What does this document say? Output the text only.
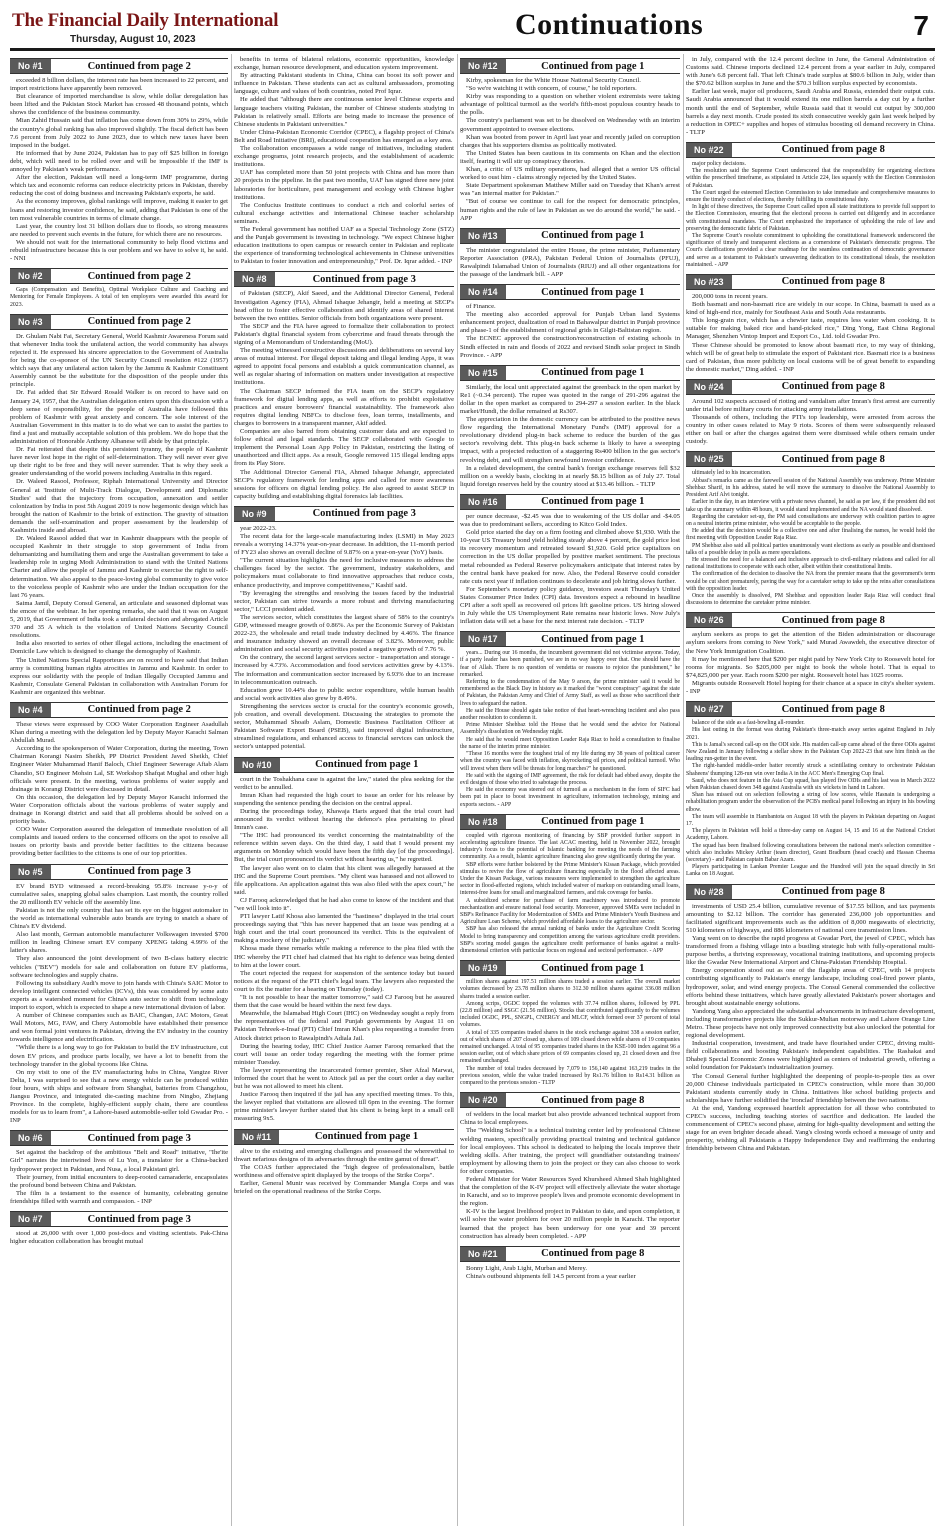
The Financial Daily International
Thursday, August 10, 2023	Continuations	7
No #1	Continued from page 2

exceeded 8 billion dollars, the interest rate has been increased to 22 percent, and import restrictions have apparently been removed.

But clearance of imported merchandise is slow, while dollar deregulation has been lifted and the Pakistan Stock Market has crossed 48 thousand points, which shows the confidence of the business community.

Mian Zahid Hussain said that inflation has come down from 30% to 29%, while the country's global ranking has also improved slightly. The fiscal deficit has been 7.6 percent from July 2022 to June 2023, due to which new taxes have been imposed in the budget.

He informed that by June 2024, Pakistan has to pay off $25 billion in foreign debt, which will need to be rolled over and will be impossible if the IMF is annoyed by Pakistan's weak performance.

After the election, Pakistan will need a long-term IMF programme, during which tax and economic reforms can reduce electricity prices in Pakistan, thereby reducing the cost of doing business and increasing Pakistan's exports, he said.

As the economy improves, global rankings will improve, making it easier to get loans and restoring investor confidence, he said, adding that Pakistan is one of the ten most vulnerable countries in terms of climate change.

Last year, the country lost 31 billion dollars due to floods, so strong measures are needed to prevent such events in the future, for which there are no resources.

We should not wait for the international community to help flood victims and rebuild infrastructure because this is our problem and we have to solve it, he said. - NNI

No #2	Continued from page 2

Gaps (Compensation and Benefits), Optimal Workplace Culture and Coaching and Mentoring for Female Employees. A total of ten employers were awarded this award for 2023.

No #3	Continued from page 2

Dr. Ghulam Nabi Fai, Secretary General, World Kashmir Awareness Forum said that whenever India took the unilateral action, the world community has always rejected it. He expressed his sincere appreciation to the Government of Australia for being the co-sponsor of the UN Security Council resolution #122 (1957) which says that any unilateral action taken by the Jammu & Kashmir Constituent Assembly cannot be the substitute for the disposition of the people under this principle.

Dr. Fai added that Sir Edward Rosald Walker is on record to have said on January 24, 1957, that the Australian delegation enters upon this discussion with a deep sense of responsibility, for the people of Australia have followed this problem of Kashmir with great anxiety and concern. The sole interest of the Australian Government in this matter is to do what we can to assist the parties to find a just and mutually acceptable solution of this problem. We do hope that the administration of Honorable Anthony Albanese will abide by that principle.

Dr. Fai reiterated that despite this persistent tyranny, the people of Kashmir have never lost hope in the right of self-determination. They will never ever give up their right to be free and they will never surrender. That is why they seek a greater understanding of the world powers including Australia in this regard.

Dr. Waleed Rasool, Professor, Riphah International University and Director General at 'Institute of Multi-Track Dialogue, Development and Diplomatic Studies' said that the trajectory from occupation, annexation and settler colonization by India in post 5th August 2019 is now hegemonic design which has brought the nation of Kashmir to the brink of extinction. The gravity of situation demands the self-examination and proper assessment by the leadership of Kashmiris inside and abroad.

Dr. Waleed Rasool added that war in Kashmir disappears with the people of occupied Kashmir in their struggle to stop government of India from dehumanizing and humiliating them and urge the Australian government to take a leadership role in urging Modi Administration to stand with the United Nations Charter and allow the people of Jammu and Kashmir to exercise the right to self-determination. We also appeal to the peace-loving global community to give voice to the voiceless people of Kashmir who are under the Indian occupation for the last 76 years.

Saima Jamil, Deputy Consul General, an articulate and seasoned diplomat was the emcee of the webinar. In her opening remarks, she said that it was on August 5, 2019, that Government of India took a unilateral decision and abrogated Article 370 and 35 A which is the violation of United Nations Security Council resolutions.

India also resorted to series of other illegal actions, including the enactment of Domicile Law which is designed to change the demography of Kashmir.

The United Nations Special Rapporteurs are on record to have said that Indian army is committing human rights atrocities in Jammu and Kashmir. In order to express our solidarity with the people of Indian Illegally Occupied Jammu and Kashmir, Consulate General Pakistan in collaboration with Australian Forum for Kashmir are organized this webinar.

No #4	Continued from page 2

These views were expressed by COO Water Corporation Engineer Asadullah Khan during a meeting with the delegation led by Deputy Mayor Karachi Salman Abdullah Murad.

According to the spokesperson of Water Corporation, during the meeting, Town Chairman Korangi Nasim Sheikh, PP District President Javed Sheikh, Chief Engineer Water Muhammad Hanif Baloch, Chief Engineer Sewerage Aftab Alam Chandio, SO Engineer Mohsin Lal, SE Workshop Shafqat Mughal and other high officials were present. In the meeting, various problems of water supply and drainage in Korangi District were discussed in detail.

On this occasion, the delegation led by Deputy Mayor Karachi informed the Water Corporation officials about the various problems of water supply and drainage in Korangi district and said that all problems should be solved on a priority basis.

COO Water Corporation assured the delegation of immediate resolution of all complaints and issued orders to the concerned officers on the spot to resolve all issues on priority basis and provide better facilities to the citizens because providing better facilities to the citizens is one of our top priorities.

No #5	Continued from page 3

EV brand BYD witnessed a record-breaking 95.8% increase y-o-y of cumulative sales, snapping global sales champion. Last month, the country rolled the 20 millionth EV vehicle off the assembly line.

Pakistan is not the only country that has set its eye on the biggest automaker in the world as international vulnerable auto brands are trying to snatch a share of China's EV dividend.

Also last month, German automobile manufacturer Volkswagen invested $700 million in leading Chinese smart EV company XPENG taking 4.99% of the latter's shares.

They also announced the joint development of two B-class battery electric vehicles ("BEV") models for sale and collaboration on future EV platforms, software technologies and supply chains.

Following its subsidiary Audi's move to join hands with China's SAIC Motor to develop intelligent connected vehicles (ICVs), this was considered by some auto experts as a watershed moment for China's auto sector to shift from technology import to export, which is expected to shape a new international division of labor.

A number of Chinese companies such as BAIC, Changan, JAC Motors, Great Wall Motors, MG, FAW, and Chery Automobile have established their presence and won formal joint ventures in Pakistan, driving the EV industry in the country towards intelligence and electrification.

"While there is a long way to go for Pakistan to build the EV infrastructure, cut down EV prices, and produce parts locally, we have a lot to benefit from the technology transfer in the global tycoons like China.

On my visit to one of the EV manufacturing hubs in China, Yangtze River Delta, I was surprised to see that a new energy vehicle can be produced within four hours, with ships and software from Shanghai, batteries from Changzhou, Jiangsu Province, and integrated die-casting machine from Ningbo, Zhejiang Province. In the complete, highly-efficient supply chain, there are countless models for us to learn from", a Lahore-based automobile-seller told Gwadar Pro. - INP

No #6	Continued from page 3

Set against the backdrop of the ambitious "Belt and Road" initiative, "Ihe'ite Girl" narrates the intertwined lives of Lu Yon, a translator for a China-backed hydropower project in Pakistan, and Nusa, a local Pakistani girl.

Their journey, from initial encounters to deep-rooted camaraderie, encapsulates the profound bond between China and Pakistan.

The film is a testament to the essence of humanity, celebrating genuine friendships filled with warmth and compassion. - INP

No #7	Continued from page 3

stood at 26,000 with over 1,000 post-docs and visiting scientists. Pak-China higher education collaboration has brought mutual

benefits in terms of bilateral relations, economic opportunities, knowledge exchange, human resource development, and education system improvement.

By attracting Pakistani students in China, China can boost its soft power and influence in Pakistan. These students can act as cultural ambassadors, promoting language, culture and values of both countries, noted Prof Iqrar.

He added that "although there are continuous senior level Chinese experts and language teachers visiting Pakistan, the number of Chinese students studying in Pakistan is relatively small. Efforts are being made to increase the presence of Chinese students in Pakistani universities."

Under China-Pakistan Economic Corridor (CPEC), a flagship project of China's Belt and Road Initiative (BRI), educational cooperation has emerged as a key area.

The collaboration encompasses a wide range of initiatives, including student exchange programs, joint research projects, and the establishment of academic institutions.

UAF has completed more than 50 joint projects with China and has more than 20 projects in the pipeline. In the past two months, UAF has signed three new joint laboratories for horticulture, pest management and ecology with Chinese higher institutions.

The Confucius Institute continues to conduct a rich and colorful series of cultural exchange activities and international Chinese teacher scholarship seminars.

The Federal government has notified UAF as a Special Technology Zone (STZ) and the Punjab government is investing in technology. "We expect Chinese higher education institutions to open campus or research center in Pakistan and replicate the experience of transforming technological achievements in Chinese universities to Pakistan to foster innovation and entrepreneurship," Prof. Dr. Iqrar added. - INP

No #8	Continued from page 3

of Pakistan (SECP), Akif Saeed, and the Additional Director General, Federal Investigation Agency (FIA), Ahmad Ishaque Jehangir, held a meeting at SECP's head office to foster effective collaboration and identify areas of shared interest between the two entities. Senior officials from both organizations were present.

The SECP and the FIA have agreed to formalize their collaboration to protect Pakistan's digital financial system from cybercrime and fraud threats through the signing of a Memorandum of Understanding (MoU).

The meeting witnessed constructive discussions and deliberations on several key areas of mutual interest. For illegal deposit taking and illegal lending Apps, it was agreed to appoint focal persons and establish a quick communication channel, as well as regular sharing of information on matters under investigation at respective institutions.

The Chairman SECP informed the FIA team on the SECP's regulatory framework for digital lending apps, as well as efforts to prohibit exploitative practices and ensure borrowers' financial sustainability. The framework also requires digital lending NBFCs to disclose fees, loan terms, installments, and charges to borrowers in a transparent manner, Akif added.

Companies are also barred from obtaining customer data and are expected to follow ethical and legal standards. The SECP collaborated with Google to implement the Personal Loan App Policy in Pakistan, restricting the listing of unauthorized and illicit apps. As a result, Google removed 115 illegal lending apps from its Play Store.

The Additional Director General FIA, Ahmed Ishaque Jehangir, appreciated SECP's regulatory framework for lending apps and called for more awareness sessions for officers on digital lending policy. He also agreed to assist SECP in capacity building and establishing digital forensics lab facilities.

No #9	Continued from page 3

year 2022-23.

The recent data for the large-scale manufacturing index (LSMI) in May 2023 reveals a worrying 14.37% year-on-year decrease. In addition, the 11-month period of FY23 also shows an overall decline of 9.87% on a year-on-year (YoY) basis.

"The current situation highlights the need for inclusive measures to address the challenges faced by the sector. The government, industry stakeholders, and policymakers must collaborate to find innovative approaches that reduce costs, enhance productivity, and improve competitiveness," Kashif said.

"By leveraging the strengths and resolving the issues faced by the industrial sector, Pakistan can strive towards a more robust and thriving manufacturing sector," LCCI president added.

The services sector, which constitutes the largest share of 58% to the country's GDP, witnessed meagre growth of 0.86%. As per the Economic Survey of Pakistan 2022-23, the wholesale and retail trade industry declined by 4.46%. The finance and insurance industry showed an overall decrease of 3.82%. Moreover, public administration and social security activities posted a negative growth of 7.76 %.

On the contrary, the second largest services sector - transportation and storage - increased by 4.73%. Accommodation and food services activities grew by 4.13%. The information and communication sector increased by 6.93% due to an increase in telecommunication outreach.

Education grew 10.44% due to public sector expenditure, while human health and social work activities also grew by 8.49%.

Strengthening the services sector is crucial for the country's economic growth, job creation, and overall development. Discussing the strategies to promote the sector, Muhammad Shoaib Aslam, Domestic Business Facilitation Officer at Pakistan Software Export Board (PSEB), said improved digital infrastructure, streamlined regulations, and enhanced access to financial services can unlock the sector's untapped potential.

No #10	Continued from page 1

court in the Toshakhana case is against the law," stated the plea seeking for the verdict to be annulled.

Imran Khan had requested the high court to issue an order for his release by suspending the sentence pending the decision on the central appeal.

During the proceedings today, Khawaja Haris argued that the trial court had announced its verdict without hearing the defence's plea pertaining to plead Imran's case.

"The IHC had pronounced its verdict concerning the maintainability of the reference within seven days. On the third day, I said that I would present my arguments on Monday which would have been the fifth day [of the proceedings]. But, the trial court pronounced its verdict without hearing us," he regretted.

The lawyer also went on to claim that his client was allegedly harassed at the IHC and the Supreme Court premises. "My client was harassed and not allowed to file applications. An application against this was also filed with the apex court," he said.

CJ Farooq acknowledged that he had also come to know of the incident and that "we will look into it".

PTI lawyer Latif Khosa also lamented the "hastiness" displayed in the trial court proceedings saying that "this has never happened that an issue was pending at a high court and the trial court pronounced its verdict. This is the equivalent of making a mockery of the judiciary."

Khosa made these remarks while making a reference to the plea filed with the IHC whereby the PTI chief had claimed that his right to defence was being denied to him at the lower court.

The court rejected the request for suspension of the sentence today but issued notices at the request of the PTI chief's legal team. The lawyers also requested the court to fix the matter for a hearing on Thursday (today).

"It is not possible to hear the matter tomorrow," said CJ Farooq but he assured them that the case would be heard within the next few days.

Meanwhile, the Islamabad High Court (IHC) on Wednesday sought a reply from the representatives of the federal and Punjab governments by August 11 on Pakistan Tehreek-e-Insaf (PTI) Chief Imran Khan's plea requesting a transfer from Attock district prison to Rawalpindi's Adiala Jail.

During the hearing today, IHC Chief Justice Aamer Farooq remarked that the court will issue an order today regarding the meeting with the former prime minister Tuesday.

The lawyer representing the incarcerated former premier, Sher Afzal Marwat, informed the court that he went to Attock jail as per the court order a day earlier but he was not allowed to meet his client.

Justice Farooq then inquired if the jail has any specified meeting times. To this, the lawyer replied that visitations are allowed till 6pm in the evening. The former prime minister's lawyer further stated that his client is being kept in a small cell measuring 9x5.

No #11	Continued from page 1

alive to the existing and emerging challenges and possessed the wherewithal to thwart nefarious designs of its adversaries through the entire gamut of threat".

The COAS further appreciated the "high degree of professionalism, battle worthiness and offensive spirit displayed by the troops of the Strike Corps".

Earlier, General Munir was received by Commander Mangla Corps and was briefed on the operational readiness of the Strike Corps.

No #12	Continued from page 1

Kirby, spokesman for the White House National Security Council.

"So we're watching it with concern, of course," he told reporters.

Kirby was responding to a question on whether violent extremists were taking advantage of political turmoil as the world's fifth-most populous country heads to the polls.

The country's parliament was set to be dissolved on Wednesday with an interim government appointed to oversee elections.

Khan was booted from power in April last year and recently jailed on corruption charges that his supporters dismiss as politically motivated.

The United States has been cautious in its comments on Khan and the election itself, fearing it will stir up conspiracy theories.

Khan, a critic of US military operations, had alleged that a senior US official worked to oust him - claims strongly rejected by the United States.

State Department spokesman Matthew Miller said on Tuesday that Khan's arrest was "an internal matter for Pakistan."

"But of course we continue to call for the respect for democratic principles, human rights and the rule of law in Pakistan as we do around the world," he said. - APP

No #13	Continued from page 1

The minister congratulated the entire House, the prime minister, Parliamentary Reporter Association (PRA), Pakistan Federal Union of Journalists (PFUJ), Rawalpindi Islamabad Union of Journalists (RIUJ) and all other organizations for the passage of the landmark bill. - APP

No #14	Continued from page 1

of Finance.

The meeting also accorded approval for Punjab Urban land Systems enhancement project, dualization of road in Bahawalpur district in Punjab province and phase-1 of the establishment of regional grids in Gilgit-Baltistan region.

The ECNEC approved the construction/reconstruction of existing schools in Sindh effected in rain and floods of 2022 and revised Sindh solar project in Sindh Province. - APP

No #15	Continued from page 1

Similarly, the local unit appreciated against the greenback in the open market by Re1 (~0.34 percent). The rupee was quoted in the range of 291-296 against the dollar in the open market as compared to 294-297 a session earlier. In the black market/Hundi, the dollar remained at Rs307.

The appreciation in the domestic currency can be attributed to the positive news flow regarding the International Monetary Fund's (IMF) approval for a revolutionary dividend plug-in back scheme to reduce the burden of the gas sector's revolving debt. This plug-in back scheme is likely to have a sweeping impact, with a projected reduction of a staggering Rs400 billion in the gas sector's revolving debt, and will strengthen newfound investor confidence.

In a related development, the central bank's foreign exchange reserves fell $32 million on a weekly basis, clocking in at nearly $8.15 billion as of July 27. Total liquid foreign reserves held by the country stood at $13.46 billion. - TLTP

No #16	Continued from page 1

per ounce decrease, -$2.45 was due to weakening of the US dollar and -$4.05 was due to predominant sellers, according to Kitco Gold Index.

Gold price started the day on a firm footing and climbed above $1,930. With the 10-year US Treasury bond yield holding steady above 4 percent, the gold price lost its recovery momentum and retreated toward $1,920. Gold price capitalizes on correction in the US dollar propelled by positive market sentiment. The precious metal rebounded as Federal Reserve policymakers anticipate that interest rates by the central bank have peaked for now. Also, the Federal Reserve could consider rate cuts next year if inflation continues to decelerate and job hiring slows further.

For September's monetary policy guidance, investors await Thursday's United States Consumer Price Index (CPI) data. Investors expect a rebound in headline CPI after a soft spell as recovered oil prices lift gasoline prices. US hiring slowed in July while the US Unemployment Rate remains near historic lows. Now July's inflation data will set a base for the next interest rate decision. - TLTP

No #17	Continued from page 1

years... During our 16 months, the incumbent government did not victimise anyone. Today, if a party leader has been punished, we are in no way happy over that. One should have the fear of Allah. There is no question of vendetta or reasons to rejoice the punishment," he remarked.

Referring to the condemnation of the May 9 arson, the prime minister said it would be remembered as the Black Day in history as it marked the "worst conspiracy" against the state of Pakistan, the Pakistan Army and Chief of Army Staff, as well as those who sacrificed their lives to safeguard the nation.

He said the House should again take notice of that heart-wrenching incident and also pass another resolution to condemn it.

Prime Minister Shehbaz told the House that he would send the advice for National Assembly's dissolution on Wednesday night.

He said that he would meet Opposition Leader Raja Riaz to hold a consultation to finalise the name of the interim prime minister.

"These 16 months were the toughest trial of my life during my 38 years of political career when the country was faced with inflation, skyrocketing oil prices, and political turmoil. Who will invest when there will be threats for long marches?" he questioned.

He said with the signing of IMF agreement, the risk for default had ebbed away, despite the evil designs of those who tried to sabotage the process.

He said the economy was steered out of turmoil as a mechanism in the form of SIFC had been put in place to boost investment in agriculture, information technology, mining and exports sectors. - APP

No #18	Continued from page 1

coupled with rigorous monitoring of financing by SBP provided further support in accelerating agriculture finance. The last ACAC meeting, held in November 2022, brought industry's focus to the potential of Islamic banking for meeting the needs of the farming community. As a result, Islamic agriculture financing also grew significantly during the year.

SBP efforts were further bolstered by the Prime Minister's Kissan Package, which provided stimulus to revive the flow of agriculture financing especially in the flood affected areas. Under the Kissan Package, various measures were implemented to strengthen the agriculture sector in flood-affected regions, which included waiver of markup on outstanding small loans, interest-free loans for small and marginalized farmers, and risk coverage for banks.

A subsidized scheme for purchase of farm machinery was introduced to promote mechanization and ensure national food security. Moreover, approved SMEs were included in SBP's Refinance Facility for Modernization of SMEs and Prime Minister's Youth Business and Agriculture Loan Scheme, which provided affordable loans to the agriculture sector.

SBP has also released the annual ranking of banks under the Agriculture Credit Scoring Model to bring transparency and competition among the various agriculture credit providers. SBP's scoring model gauges the agriculture credit performance of banks against a multi-dimensional criterion with particular focus on regional and sectoral performance. - APP

No #19	Continued from page 1

million shares against 197.51 million shares traded a session earlier. The overall market volumes decreased by 23.78 million shares to 312.30 million shares against 336.08 million shares traded a session earlier.

Among scrips, OGDC topped the volumes with 37.74 million shares, followed by PPL (22.8 million) and SSGC (21.56 million). Stocks that contributed significantly to the volumes included OGDC, PPL, SNGPL, CNERGY and MLCF, which formed over 37 percent of total volumes.

A total of 335 companies traded shares in the stock exchange against 338 a session earlier, out of which shares of 207 closed up, shares of 109 closed down while shares of 19 companies remained unchanged. A total of 95 companies traded shares in the KSE-100 index against 96 a session earlier, out of which share prices of 69 companies closed up, 21 closed down and five remained unchanged.

The number of total trades decreased by 7,079 to 156,140 against 163,219 trades in the previous session, while the value traded increased by Rs1.76 billion to Rs14.31 billion as compared to the previous session - TLTP

No #20	Continued from page 8

of welders in the local market but also provide advanced technical support from China to local employees.

The "Welding School" is a technical training center led by professional Chinese welding masters, specifically providing practical training and technical guidance for local employees. This school is dedicated to helping the locals improve their welding skills. After training, the project will grandfather outstanding trainees' employment by allowing them to join the project or they can also choose to work for other companies.

Federal Minister for Water Resources Syed Khursheed Ahmed Shah highlighted that the completion of the K-IV project will effectively alleviate the water shortage in Karachi, and so to improve people's lives and promote economic development in the region.

K-IV is the largest livelihood project in Pakistan to date, and upon completion, it will solve the water problem for over 20 million people in Karachi. The reporter learned that the project has been underway for one year and 39 percent construction has already been completed. - APP

No #21	Continued from page 8

Bonny Light, Arab Light, Murban and Merey.

China's outbound shipments fell 14.5 percent from a year earlier

in July, compared with the 12.4 percent decline in June, the General Administration of Customs said. Chinese imports declined 12.4 percent from a year earlier in July, compared with June's 6.8 percent fall. That left China's trade surplus at $80.6 billion in July, wider than the $70.62 billion surplus in June and the $70.3 billion surplus expected by economists.

Earlier last week, major oil producers, Saudi Arabia and Russia, extended their output cuts. Saudi Arabia announced that it would extend its one million barrels a day cut by a further month until the end of September, while Russia said that it would cut output by 300,000 barrels a day next month. Crude posted its sixth consecutive weekly gain last week helped by a reduction in OPEC+ supplies and hopes of stimulus boosting oil demand recovery in China. - TLTP

No #22	Continued from page 8

major policy decisions.

The resolution said the Supreme Court underscored that the responsibility for organizing elections within the prescribed timeframe, as stipulated in Article 224, lies squarely with the Election Commission of Pakistan.

The Court urged the esteemed Election Commission to take immediate and comprehensive measures to ensure the timely conduct of elections, thereby fulfilling its constitutional duty.

In light of these directives, the Supreme Court called upon all state institutions to provide full support to the Election Commission, ensuring that the electoral process is carried out diligently and in accordance with constitutional mandates. The Court emphasized the importance of upholding the rule of law and preserving the democratic fabric of Pakistan.

The Supreme Court's resolute commitment to upholding the constitutional framework underscored the significance of timely and transparent elections as a cornerstone of Pakistan's democratic progress. The Court's clarifications provided a clear roadmap for the seamless continuation of democratic governance and serve as a testament to Pakistan's unwavering dedication to its constitutional ideals, the resolution maintained. - APP

No #23	Continued from page 8

200,000 tons in recent years.

Both basmati and non-basmati rice are widely in our scope. In China, basmati is used as a kind of high-end rice, mainly for Southeast Asia and South Asia restaurants.

This long-grain rice, which has a chewier taste, requires less water when cooking. It is suitable for making baked rice and hand-picked rice," Ding Yong, East China Regional Manager, Shenzhen Vintop Import and Export Co., Ltd. told Gwadar Pro.

These Chinese should be promoted to know about basmati rice, to my way of thinking, which will be of great help to stimulate the export of Pakistani rice. Basmati rice is a business card of Pakistan, thus more publicity on local customs will be of great benefit to expanding the domestic market," Ding added. - INP

No #24	Continued from page 8

Around 102 suspects accused of rioting and vandalism after Imran's first arrest are currently under trial before military courts for attacking army installations.

Thousands of others, including the PTI's top leadership, were arrested from across the country in other cases related to May 9 riots. Scores of them were subsequently released either on bail or after the charges against them were dismissed while others remain under custody.

No #25	Continued from page 8

ultimately led to his incarceration.

Abbasi's remarks came as the farewell session of the National Assembly was underway. Prime Minister Shehbaz Sharif, in his address, stated he will move the summary to dissolve the National Assembly to President Arif Alvi tonight.

Earlier in the day, in an interview with a private news channel, he said as per law, if the president did not take up the summary within 48 hours, it would stand implemented and the NA would stand dissolved.

Regarding the caretaker set-up, the PM said consultations are underway with coalition parties to agree on a neutral interim prime minister, who would be acceptable to the people.

He added that the decision would be a collective one and after finalising the names, he would hold the first meeting with Opposition Leader Raja Riaz.

PM Shehbaz also said all political parties unanimously want elections as early as possible and dismissed talks of a possible delay in polls as mere speculations.

He stressed the need for a balanced and inclusive approach to civil-military relations and called for all national institutions to cooperate with each other, albeit within their constitutional limits.

The confirmation of the decision to dissolve the NA from the premier means that the government's term would be cut short prematurely, paving the way for a caretaker setup to take up the reins after consultations with the opposition leader.

Once the assembly is dissolved, PM Shehbaz and opposition leader Raja Riaz will conduct final discussions to determine the caretaker prime minister.

No #26	Continued from page 8

asylum seekers as props to get the attention of the Biden administration or discourage asylum seekers from coming to New York," said Murad Awawdeh, the executive director of the New York Immigration Coalition.

It may be mentioned here that $200 per night paid by New York City to Roosevelt hotel for rooms for migrants. So $205,000 per night to book the whole hotel. That is equal to $74,825,000 per year. Each room $200 per night. Roosevelt hotel has 1025 rooms.

Migrants outside Roosevelt Hotel hoping for their chance at a space in city's shelter system. - INP

No #27	Continued from page 8

balance of the side as a fast-bowling all-rounder.

His last outing in the format was during Pakistan's three-match away series against England in July 2021.

This is Jamal's second call-up on the ODI side. His maiden call-up came ahead of the three ODIs against New Zealand in January following a stellar show in the Pakistan Cup 2022-23 that saw him finish as the leading run-getter in the event.

The right-handed middle-order batter recently struck a scintillating century to orchestrate Pakistan Shaheens' thumping 128-run win over India A in the ACC Men's Emerging Cup final.

Saud, who does not feature in the Asia Cup squad, has played five ODIs and his last was in March 2022 when Pakistan chased down 348 against Australia with six wickets in hand in Lahore.

Shan has missed out on selection following a string of low scores, while Hasnain is undergoing a rehabilitation program under the observation of the PCB's medical panel following an injury in his bowling elbow.

The team will assemble in Hambantota on August 18 with the players in Pakistan departing on August 17.

The players in Pakistan will hold a three-day camp on August 14, 15 and 16 at the National Cricket Academy, Lahore.

The squad has been finalised following consultations between the national men's selection committee - which also includes Mickey Arthur (team director), Grant Bradburn (head coach) and Hassan Cheema (secretary) - and Pakistan captain Babar Azam.

Players participating in Lankan Premier League and the Hundred will join the squad directly in Sri Lanka on 18 August.

No #28	Continued from page 8

investments of USD 25.4 billion, cumulative revenue of $17.55 billion, and tax payments amounting to $2.12 billion. The corridor has generated 236,000 job opportunities and facilitated significant improvements such as the addition of 8,000 megawatts of electricity, 510 kilometers of highways, and 886 kilometers of national core transmission lines.

Yang went on to describe the rapid progress at Gwadar Port, the jewel of CPEC, which has transformed from a fishing village into a bustling strategic hub with fully-operational multi-purpose berths, a thriving expressway, vocational training institutions, and upcoming projects like the Gwadar New International Airport and China-Pakistan Friendship Hospital.

Energy cooperation stood out as one of the flagship areas of CPEC, with 14 projects contributing significantly to Pakistan's energy landscape, including coal-fired power plants, hydropower, solar, and wind energy projects. The Consul General commended the collective efforts behind these initiatives, which have greatly alleviated Pakistan's power shortages and brought about sustainable energy solutions.

Yandong Yang also appreciated the substantial advancements in infrastructure development, including transformative projects like the Sukkur-Multan motorway and Lahore Orange Line Metro. These projects have not only improved connectivity but also unlocked the potential for regional development.

Industrial cooperation, investment, and trade have flourished under CPEC, driving multi-field collaborations and boosting Pakistan's independent capabilities. The Rashakai and Dhabeji Special Economic Zones were highlighted as centers of industrial growth, offering a solid foundation for Pakistan's industrialization journey.

The Consul General further highlighted the deepening of people-to-people ties as over 20,000 Chinese individuals participated in CPEC's construction, while more than 30,000 Pakistani students currently study in China. Initiatives like school building projects and scholarships have further solidified the 'ironclad' friendship between the two nations.

At the end, Yandong expressed heartfelt appreciation for all those who contributed to CPEC's success, including teaching stories of sacrifice and dedication. He lauded the commencement of CPEC's second phase, aiming for high-quality development and setting the stage for an even brighter decade ahead. Yang's closing words echoed a message of unity and prosperity, wishing all Pakistanis a Happy Independence Day and reaffirming the enduring friendship between China and Pakistan.
